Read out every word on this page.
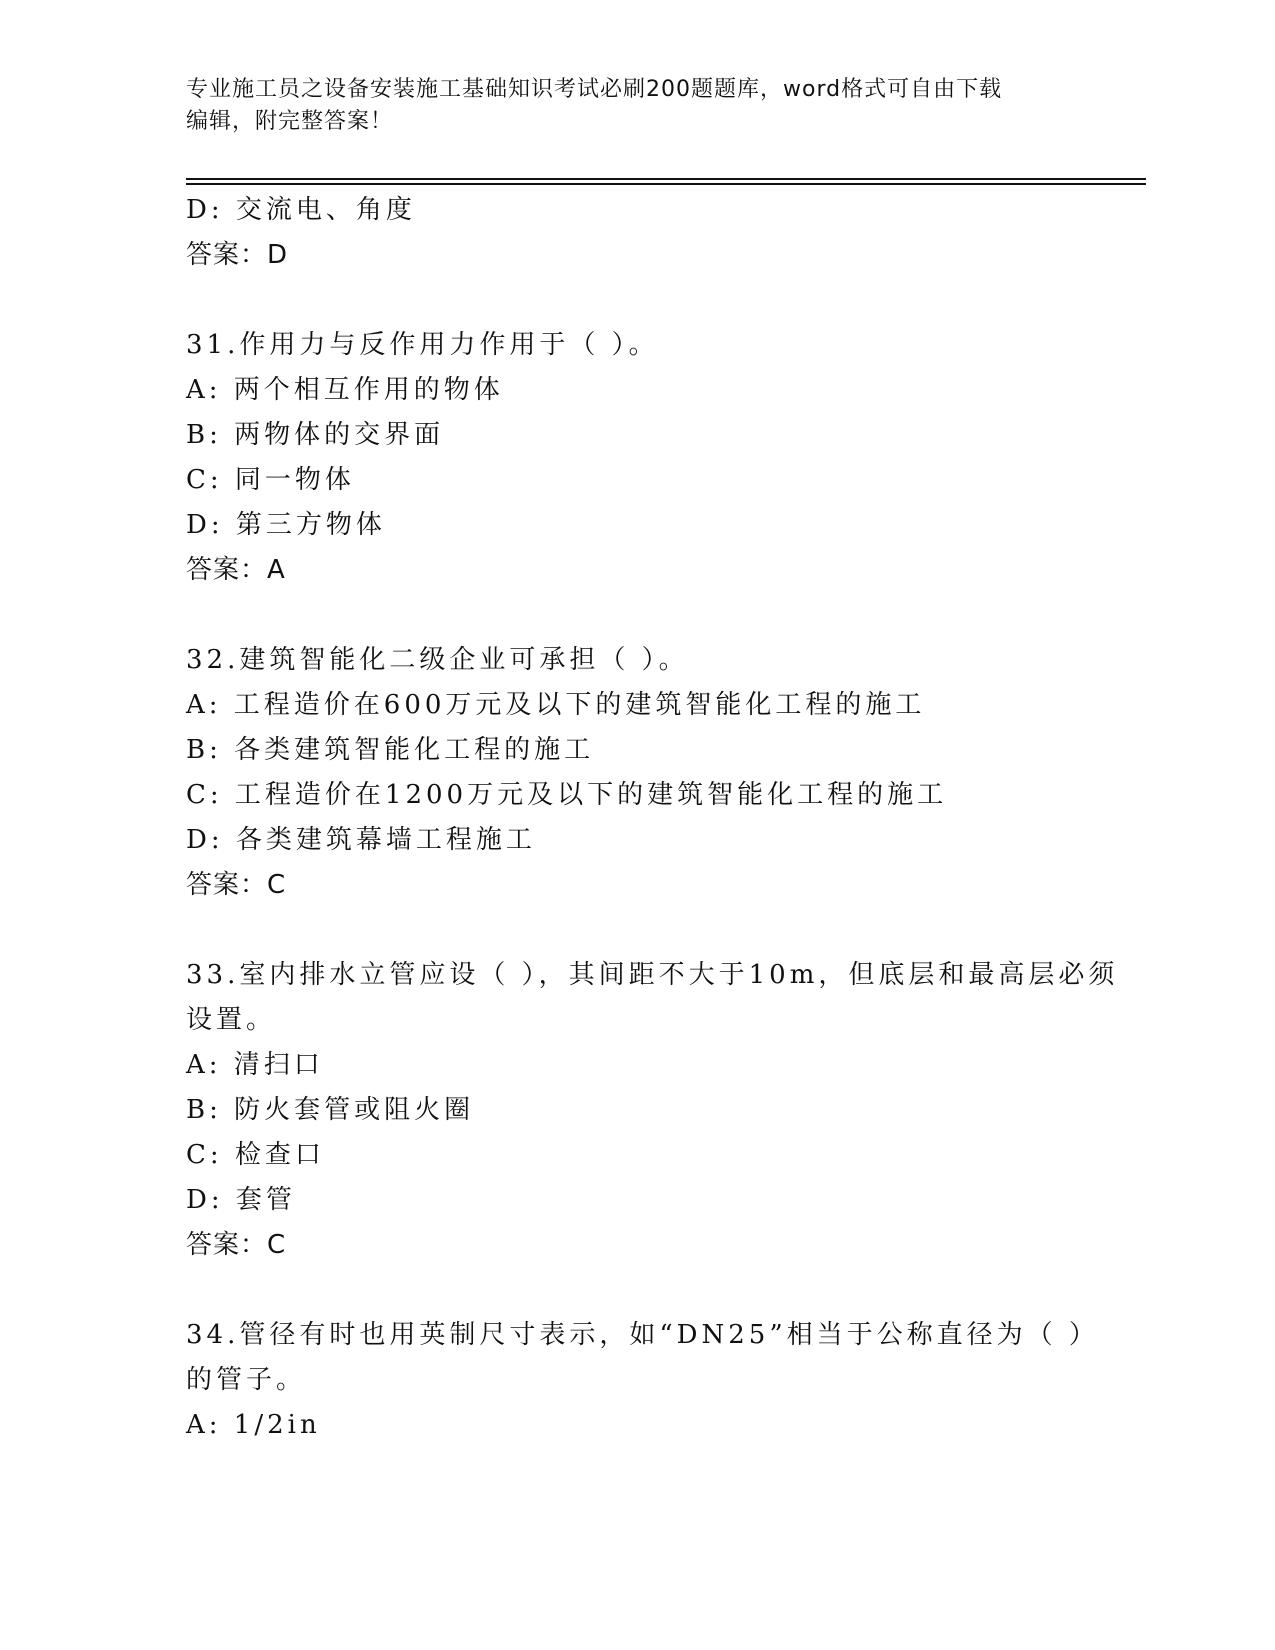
专业施工员之设备安装施工基础知识考试必刷200题题库，word格式可自由下载
编辑，附完整答案！
D: 交流电、角度
答案：D
31.作用力与反作用力作用于（ ）。
A: 两个相互作用的物体
B: 两物体的交界面
C: 同一物体
D: 第三方物体
答案：A
32.建筑智能化二级企业可承担（ ）。
A: 工程造价在600万元及以下的建筑智能化工程的施工
B: 各类建筑智能化工程的施工
C: 工程造价在1200万元及以下的建筑智能化工程的施工
D: 各类建筑幕墙工程施工
答案：C
33.室内排水立管应设（ ），其间距不大于10m，但底层和最高层必须
设置。
A: 清扫口
B: 防火套管或阻火圈
C: 检查口
D: 套管
答案：C
34.管径有时也用英制尺寸表示，如“DN25”相当于公称直径为（ ）
的管子。
A: 1/2in
